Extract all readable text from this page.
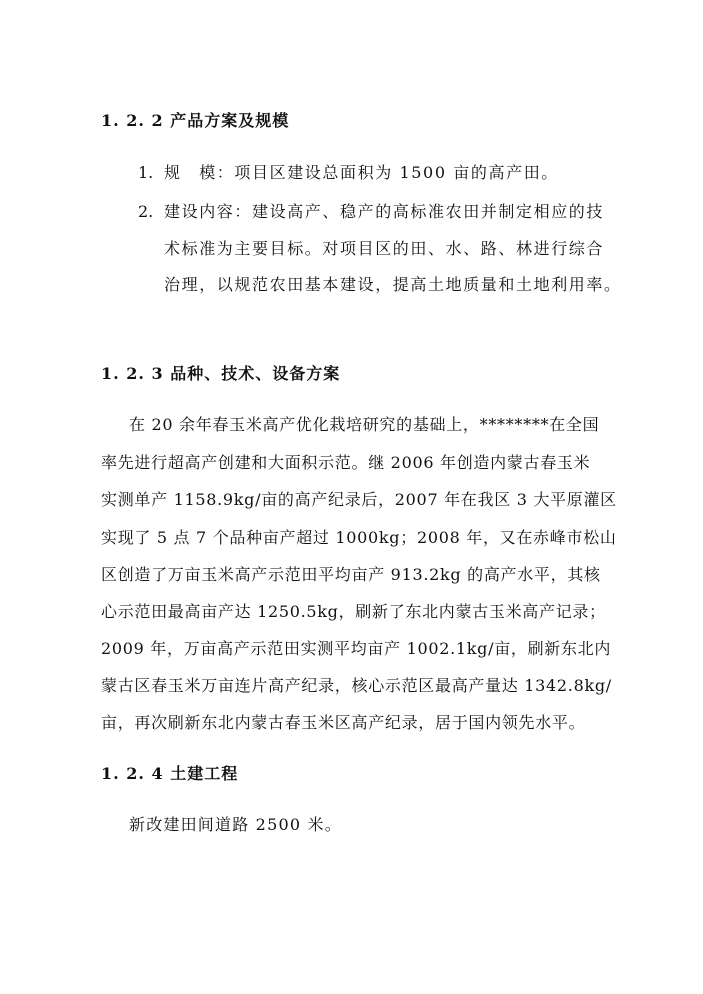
1. 2. 2 产品方案及规模
1. 规　模：项目区建设总面积为 1500 亩的高产田。
2. 建设内容：建设高产、稳产的高标准农田并制定相应的技
术标准为主要目标。对项目区的田、水、路、林进行综合
治理，以规范农田基本建设，提高土地质量和土地利用率。
1. 2. 3 品种、技术、设备方案
在 20 余年春玉米高产优化栽培研究的基础上，********在全国
率先进行超高产创建和大面积示范。继 2006 年创造内蒙古春玉米
实测单产 1158.9kg/亩的高产纪录后，2007 年在我区 3 大平原灌区
实现了 5 点 7 个品种亩产超过 1000kg；2008 年，又在赤峰市松山
区创造了万亩玉米高产示范田平均亩产 913.2kg 的高产水平，其核
心示范田最高亩产达 1250.5kg，刷新了东北内蒙古玉米高产记录；
2009 年，万亩高产示范田实测平均亩产 1002.1kg/亩，刷新东北内
蒙古区春玉米万亩连片高产纪录，核心示范区最高产量达 1342.8kg/
亩，再次刷新东北内蒙古春玉米区高产纪录，居于国内领先水平。
1. 2. 4 土建工程
新改建田间道路 2500 米。
